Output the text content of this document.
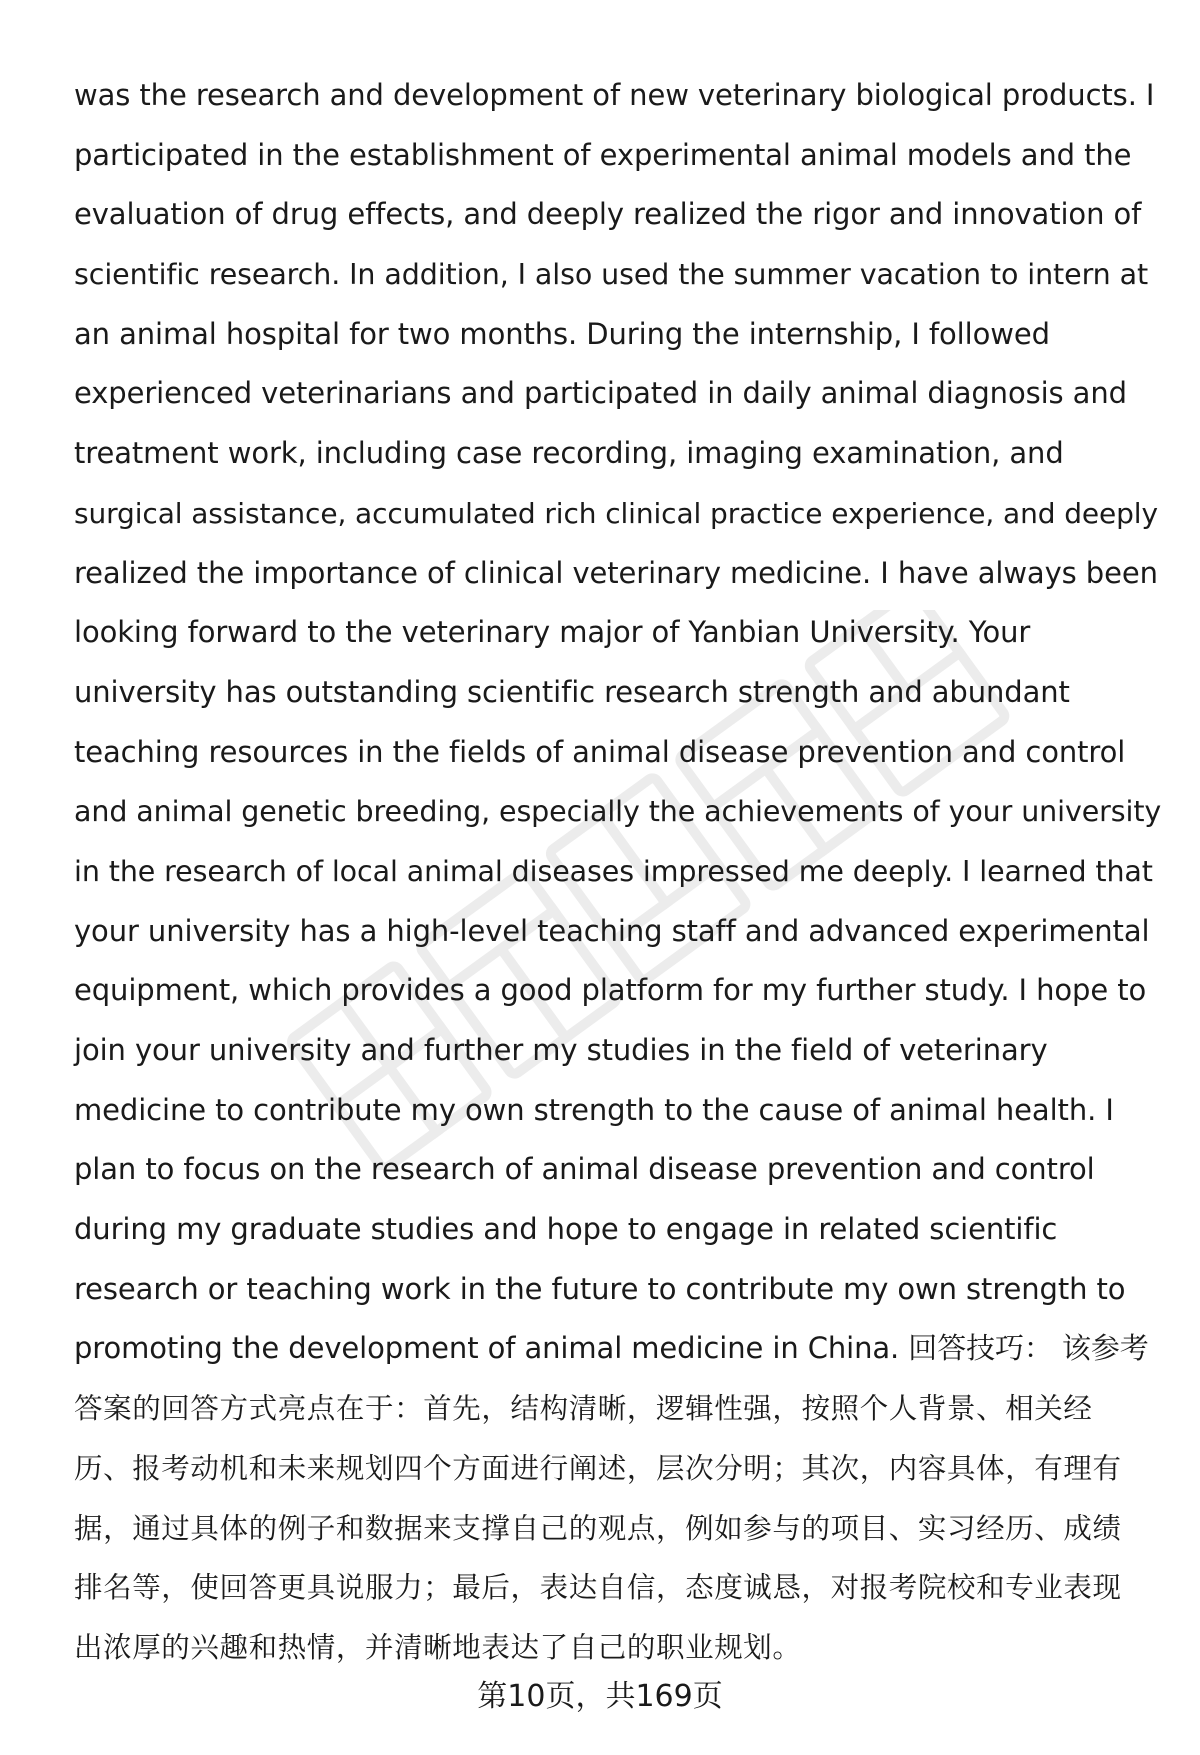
was the research and development of new veterinary biological products. I
participated in the establishment of experimental animal models and the
evaluation of drug effects, and deeply realized the rigor and innovation of
scientific research. In addition, I also used the summer vacation to intern at
an animal hospital for two months. During the internship, I followed
experienced veterinarians and participated in daily animal diagnosis and
treatment work, including case recording, imaging examination, and
surgical assistance, accumulated rich clinical practice experience, and deeply
realized the importance of clinical veterinary medicine. I have always been
looking forward to the veterinary major of Yanbian University. Your
university has outstanding scientific research strength and abundant
teaching resources in the fields of animal disease prevention and control
and animal genetic breeding, especially the achievements of your university
in the research of local animal diseases impressed me deeply. I learned that
your university has a high-level teaching staff and advanced experimental
equipment, which provides a good platform for my further study. I hope to
join your university and further my studies in the field of veterinary
medicine to contribute my own strength to the cause of animal health. I
plan to focus on the research of animal disease prevention and control
during my graduate studies and hope to engage in related scientific
research or teaching work in the future to contribute my own strength to
promoting the development of animal medicine in China. 回答技巧： 该参考
答案的回答方式亮点在于：首先，结构清晰，逻辑性强，按照个人背景、相关经
历、报考动机和未来规划四个方面进行阐述，层次分明；其次，内容具体，有理有
据，通过具体的例子和数据来支撑自己的观点，例如参与的项目、实习经历、成绩
排名等，使回答更具说服力；最后，表达自信，态度诚恳，对报考院校和专业表现
出浓厚的兴趣和热情，并清晰地表达了自己的职业规划。
第10页，共169页
